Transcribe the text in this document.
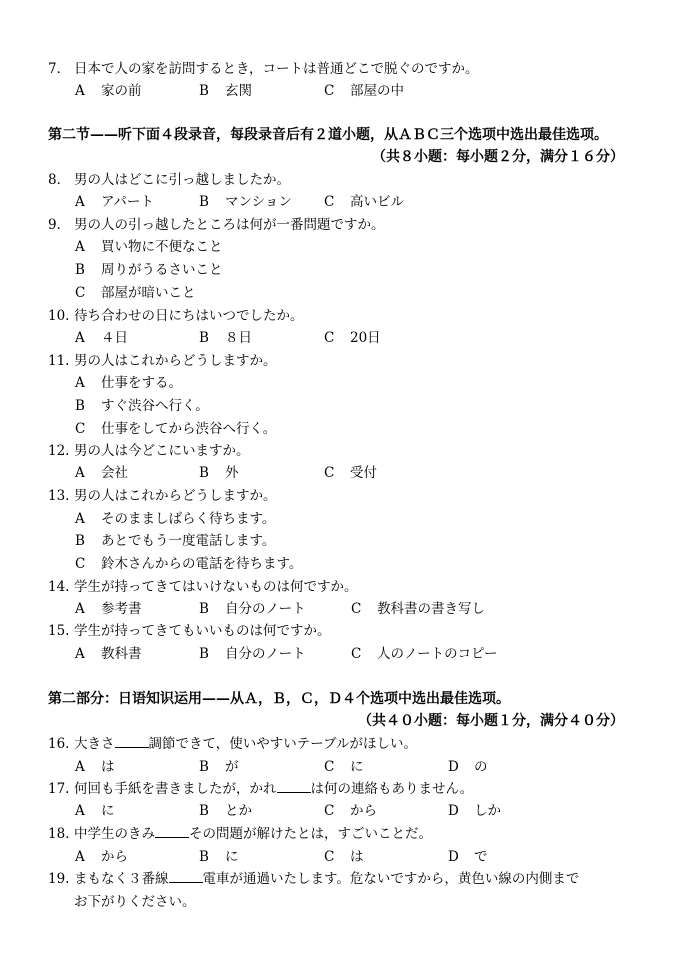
7． 日本で人の家を訪問するとき，コートは普通どこで脱ぐのですか。
A 家の前	B 玄関	C 部屋の中
第二节——听下面４段录音，每段录音后有２道小题，从ＡＢＣ三个选项中选出最佳选项。
（共８小题：每小题２分，满分１６分）
8． 男の人はどこに引っ越しましたか。
A アパート	B マンション C 高いビル
9． 男の人の引っ越したところは何が一番問題ですか。
A 買い物に不便なこと
B 周りがうるさいこと
C 部屋が暗いこと
10. 待ち合わせの日にちはいつでしたか。
A ４日	B ８日	C 20日
11. 男の人はこれからどうしますか。
A 仕事をする。
B すぐ渋谷へ行く。
C 仕事をしてから渋谷へ行く。
12. 男の人は今どこにいますか。
A 会社	B 外	C 受付
13. 男の人はこれからどうしますか。
A そのまましばらく待ちます。
B あとでもう一度電話します。
C 鈴木さんからの電話を待ちます。
14. 学生が持ってきてはいけないものは何ですか。
A 参考書	B 自分のノート	C 教科書の書き写し
15. 学生が持ってきてもいいものは何ですか。
A 教科書	B 自分のノート	C 人のノートのコピー
第二部分：日语知识运用——从Ａ，Ｂ，Ｃ，Ｄ４个选项中选出最佳选项。
（共４０小题：每小题１分，满分４０分）
16. 大きさ	調節できて，使いやすいテーブルがほしい。
A は	B が	C に	D の
17. 何回も手紙を書きましたが，かれ	は何の連絡もありません。
A に	B とか	C から	D しか
18. 中学生のきみ	その問題が解けたとは，すごいことだ。
A から	B に	C は	D で
19. まもなく３番線	電車が通過いたします。危ないですから，黄色い線の内側まで
お下がりください。
